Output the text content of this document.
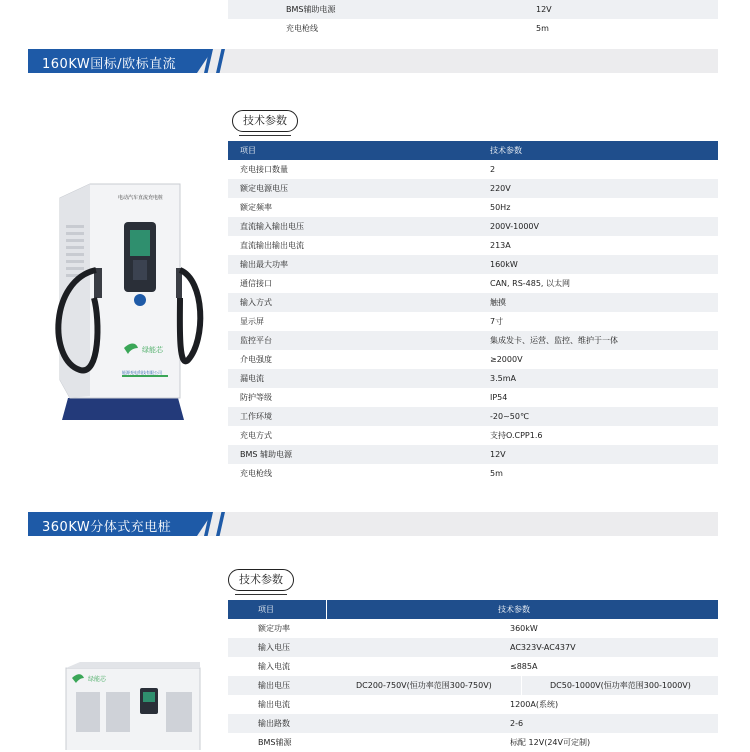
BMS辅助电源	12V
充电枪线	5m
160KW国标/欧标直流
电动汽车直流充电桩
绿能芯
能源充电科技有限公司
技术参数
项目	技术参数
充电接口数量	2
额定电源电压	220V
额定频率	50Hz
直流输入输出电压	200V-1000V
直流输出输出电流	213A
输出最大功率	160kW
通信接口	CAN, RS-485, 以太网
输入方式	触摸
显示屏	7寸
监控平台	集成发卡、运营、监控、维护于一体
介电强度	≥2000V
漏电流	3.5mA
防护等级	IP54
工作环境	-20~50℃
充电方式	支持O.CPP1.6
BMS 辅助电源	12V
充电枪线	5m
360KW分体式充电桩
绿能芯
技术参数
项目	技术参数
额定功率	360kW
输入电压	AC323V-AC437V
输入电流	≤885A
输出电压	DC200-750V(恒功率范围300-750V)	DC50-1000V(恒功率范围300-1000V)
输出电流	1200A(系统)
输出路数	2-6
BMS辅源	标配 12V(24V可定制)
